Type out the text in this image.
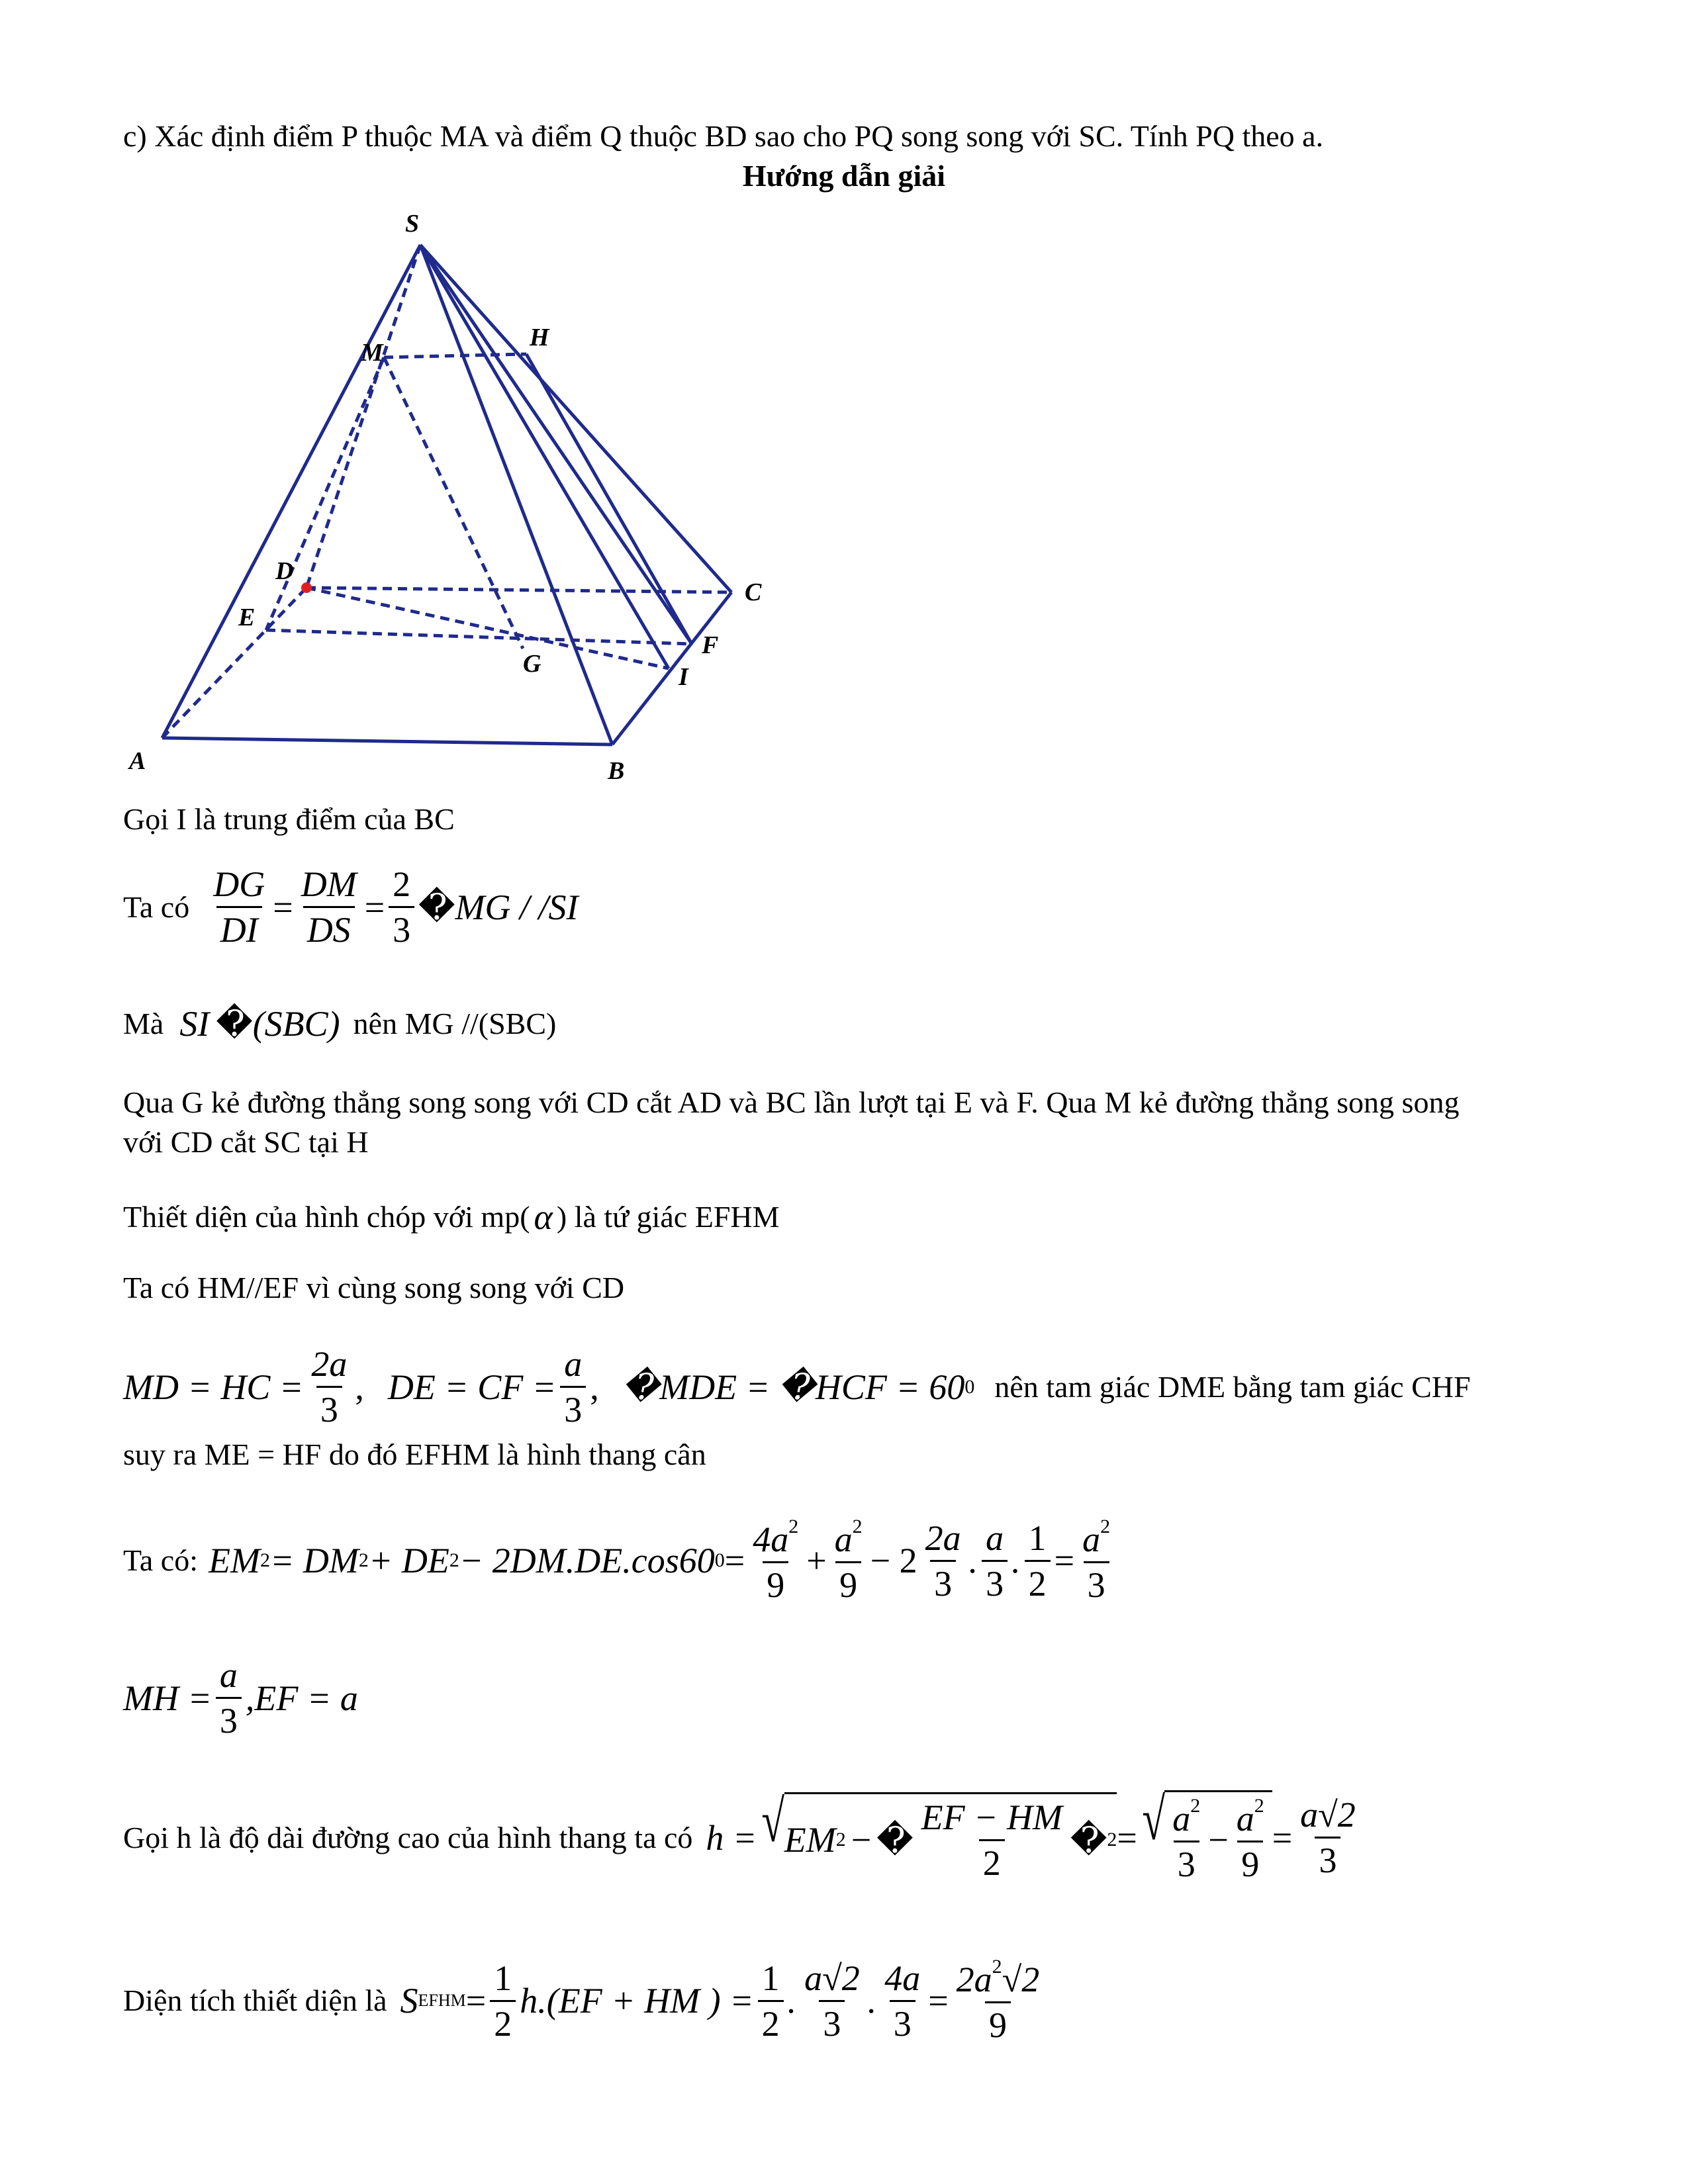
c) Xác định điểm P thuộc MA và điểm Q thuộc BD sao cho PQ song song với SC. Tính PQ theo a.
Hướng dẫn giải
S
M
H
D
C
E
F
G	I
A	B
Gọi I là trung điểm của BC
Ta có $\frac{DG}{DI} = \frac{DM}{DS} = \frac{2}{3}$ � MG / /SI
Mà SI � (SBC) nên MG //(SBC)
Qua G kẻ đường thẳng song song với CD cắt AD và BC lần lượt tại E và F. Qua M kẻ đường thẳng song song
với CD cắt SC tại H
Thiết diện của hình chóp với mp( α ) là tứ giác EFHM
Ta có HM//EF vì cùng song song với CD
MD = HC = $\frac{2a}{3}$ , DE = CF = $\frac{a}{3}$ , �MDE = �HCF = 60 0 nên tam giác DME bằng tam giác CHF
suy ra ME = HF do đó EFHM là hình thang cân
Ta có: EM 2 = DM 2 + DE 2 − 2DM.DE.cos60 $0 = \frac{4a^2}{9} + \frac{a^2}{9} - 2 \frac{2a}{3}$ . $\frac{a}{3}$ . $\frac{1}{2} = \frac{a^2}{3}$
MH = $\frac{a}{3} ,EF = a$
Gọi h là độ dài đường cao của hình thang ta có h = √ EM 2 − � $\frac{EF - HM}{2}$ � 2 = √ $\frac{a^2}{3} - \frac{a^2}{9} = \frac{a√2}{3}$
Diện tích thiết diện là S EFHM = $\frac{1}{2} h.(EF$ + HM ) = $\frac{1}{2}$ . $\frac{a√2}{3}$ . $\frac{4a}{3} = \frac{2a^2√2}{9}$
